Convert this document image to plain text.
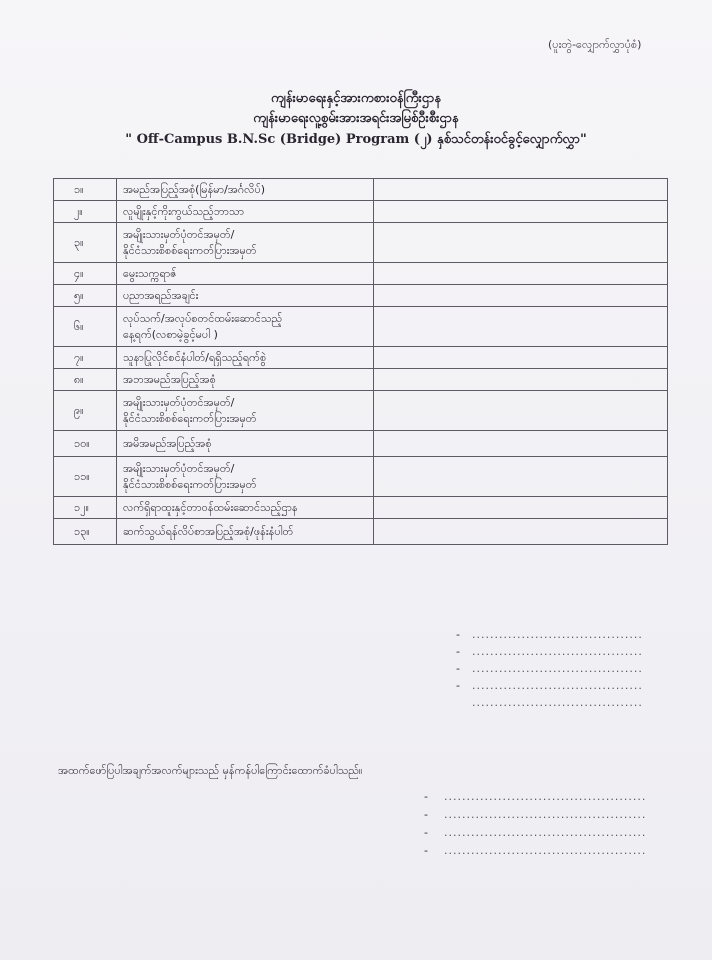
(ပူးတွဲ-လျှောက်လွှာပုံစံ)
ကျန်းမာရေးနှင့်အားကစားဝန်ကြီးဌာန
ကျန်းမာရေးလူ့စွမ်းအားအရင်းအမြစ်ဦးစီးဌာန
" Off-Campus B.N.Sc (Bridge) Program (၂) နှစ်သင်တန်းဝင်ခွင့်လျှောက်လွှာ"
၁။	အမည်အပြည့်အစုံ(မြန်မာ/အင်္ဂလိပ်)	

၂။	လူမျိုးနှင့်ကိုးကွယ်သည့်ဘာသာ	

၃။	အမျိုးသားမှတ်ပုံတင်အမှတ်/
နိုင်ငံသားစိစစ်ရေးကတ်ပြားအမှတ်	

၄။	မွေးသက္ကရာဇ်	

၅။	ပညာအရည်အချင်း	

၆။	လုပ်သက်/အလုပ်စတင်ထမ်းဆောင်သည့်
နေ့ရက်(လစာမဲ့ခွင့်မပါ )	

၇။	သူနာပြုလိုင်စင်နံပါတ်/ရရှိသည့်ရက်စွဲ	

၈။	အဘအမည်အပြည့်အစုံ	

၉။	အမျိုးသားမှတ်ပုံတင်အမှတ်/
နိုင်ငံသားစိစစ်ရေးကတ်ပြားအမှတ်	

၁၀။	အမိအမည်အပြည့်အစုံ	

၁၁။	အမျိုးသားမှတ်ပုံတင်အမှတ်/
နိုင်ငံသားစိစစ်ရေးကတ်ပြားအမှတ်	

၁၂။	လက်ရှိရာထူးနှင့်တာဝန်ထမ်းဆောင်သည့်ဌာန	

၁၃။	ဆက်သွယ်ရန်လိပ်စာအပြည့်အစုံ/ဖုန်းနံပါတ်	

- ......................................
- ......................................
- ......................................
- ......................................
......................................
အထက်ဖော်ပြပါအချက်အလက်များသည် မှန်ကန်ပါကြောင်းထောက်ခံပါသည်။
- .............................................
- .............................................
- .............................................
- .............................................
